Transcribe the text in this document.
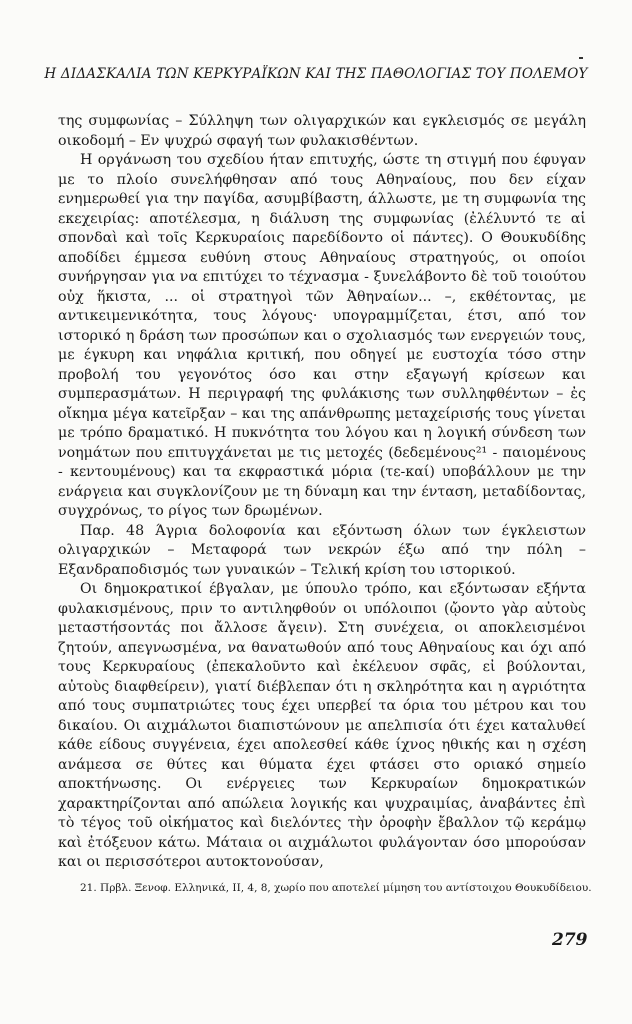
Η ΔΙΔΑΣΚΑΛΙΑ ΤΩΝ ΚΕΡΚΥΡΑΪΚΩΝ ΚΑΙ ΤΗΣ ΠΑΘΟΛΟΓΙΑΣ ΤΟΥ ΠΟΛΕΜΟΥ

της συμφωνίας – Σύλληψη των ολιγαρχικών και εγκλεισμός σε μεγάλη οικοδομή – Εν ψυχρώ σφαγή των φυλακισθέντων.

Η οργάνωση του σχεδίου ήταν επιτυχής, ώστε τη στιγμή που έφυγαν με το πλοίο συνελήφθησαν από τους Αθηναίους, που δεν είχαν ενημερωθεί για την παγίδα, ασυμβίβαστη, άλλωστε, με τη συμφωνία της εκεχειρίας: αποτέλεσμα, η διάλυση της συμφωνίας (ἐλέλυντό τε αἱ σπονδαὶ καὶ τοῖς Κερκυραίοις παρεδίδοντο οἱ πάντες). Ο Θουκυδίδης αποδίδει έμμεσα ευθύνη στους Αθηναίους στρατηγούς, οι οποίοι συνήργησαν για να επιτύχει το τέχνασμα - ξυνελάβοντο δὲ τοῦ τοιούτου οὐχ ἥκιστα, ... οἱ στρατηγοὶ τῶν Ἀθηναίων... –, εκθέτοντας, με αντικειμενικότητα, τους λόγους· υπογραμμίζεται, έτσι, από τον ιστορικό η δράση των προσώπων και ο σχολιασμός των ενεργειών τους, με έγκυρη και νηφάλια κριτική, που οδηγεί με ευστοχία τόσο στην προβολή του γεγονότος όσο και στην εξαγωγή κρίσεων και συμπερασμάτων. Η περιγραφή της φυλάκισης των συλληφθέντων – ἐς οἴκημα μέγα κατεῖρξαν – και της απάνθρωπης μεταχείρισής τους γίνεται με τρόπο δραματικό. Η πυκνότητα του λόγου και η λογική σύνδεση των νοημάτων που επιτυγχάνεται με τις μετοχές (δεδεμένους²¹ - παιομένους - κεντουμένους) και τα εκφραστικά μόρια (τε-καί) υποβάλλουν με την ενάργεια και συγκλονίζουν με τη δύναμη και την ένταση, μεταδίδοντας, συγχρόνως, το ρίγος των δρωμένων.

Παρ. 48 Άγρια δολοφονία και εξόντωση όλων των έγκλειστων ολιγαρχικών – Μεταφορά των νεκρών έξω από την πόλη – Εξανδραποδισμός των γυναικών – Τελική κρίση του ιστορικού.

Οι δημοκρατικοί έβγαλαν, με ύπουλο τρόπο, και εξόντωσαν εξήντα φυλακισμένους, πριν το αντιληφθούν οι υπόλοιποι (ᾤοντο γὰρ αὐτοὺς μεταστήσοντάς ποι ἄλλοσε ἄγειν). Στη συνέχεια, οι αποκλεισμένοι ζητούν, απεγνωσμένα, να θανατωθούν από τους Αθηναίους και όχι από τους Κερκυραίους (ἐπεκαλοῦντο καὶ ἐκέλευον σφᾶς, εἰ βούλονται, αὐτοὺς διαφθείρειν), γιατί διέβλεπαν ότι η σκληρότητα και η αγριότητα από τους συμπατριώτες τους έχει υπερβεί τα όρια του μέτρου και του δικαίου. Οι αιχμάλωτοι διαπιστώνουν με απελπισία ότι έχει καταλυθεί κάθε είδους συγγένεια, έχει απολεσθεί κάθε ίχνος ηθικής και η σχέση ανάμεσα σε θύτες και θύματα έχει φτάσει στο οριακό σημείο αποκτήνωσης. Οι ενέργειες των Κερκυραίων δημοκρατικών χαρακτηρίζονται από απώλεια λογικής και ψυχραιμίας, ἀναβάντες ἐπὶ τὸ τέγος τοῦ οἰκήματος καὶ διελόντες τὴν ὀροφὴν ἔβαλλον τῷ κεράμῳ καὶ ἐτόξευον κάτω. Μάταια οι αιχμάλωτοι φυλάγονταν όσο μπορούσαν και οι περισσότεροι αυτοκτονούσαν,

21. Πρβλ. Ξενοφ. Ελληνικά, ΙΙ, 4, 8, χωρίο που αποτελεί μίμηση του αντίστοιχου Θουκυδίδειου.
279
